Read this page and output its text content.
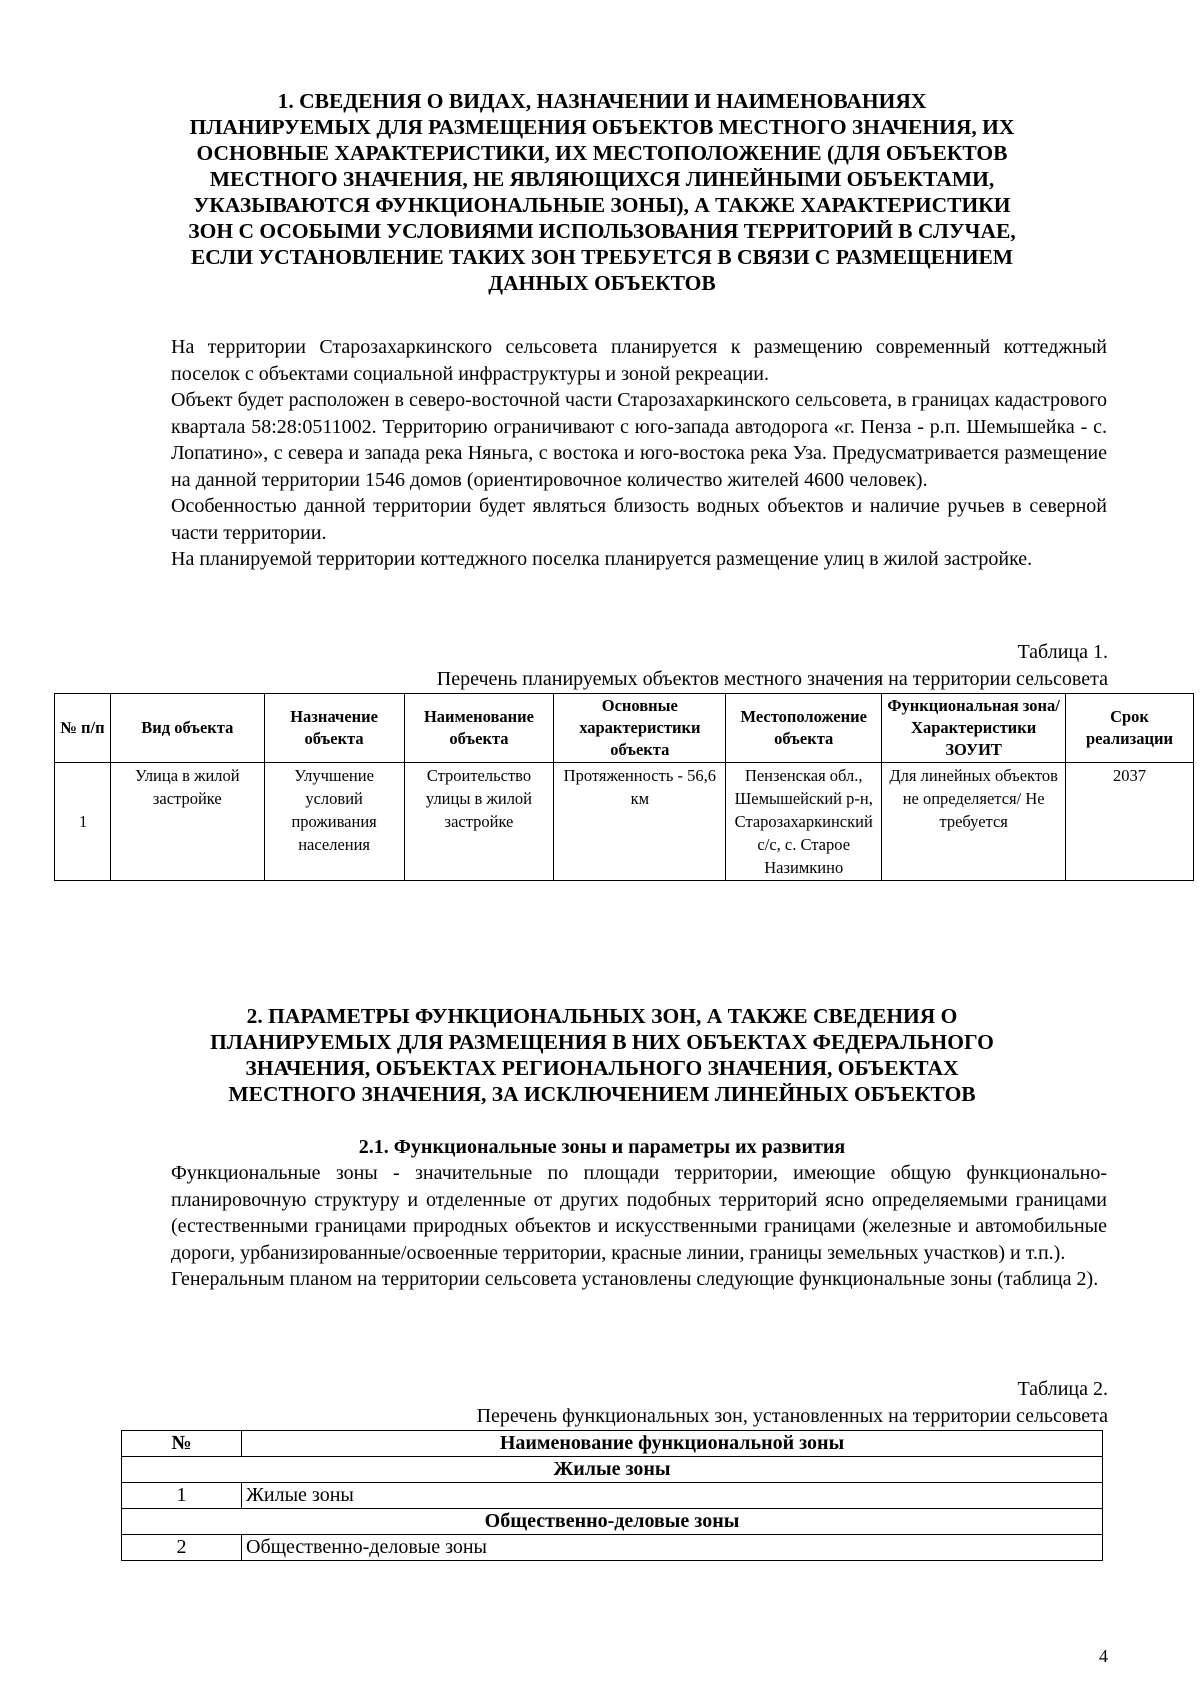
1. СВЕДЕНИЯ О ВИДАХ, НАЗНАЧЕНИИ И НАИМЕНОВАНИЯХ
ПЛАНИРУЕМЫХ ДЛЯ РАЗМЕЩЕНИЯ ОБЪЕКТОВ МЕСТНОГО ЗНАЧЕНИЯ, ИХ
ОСНОВНЫЕ ХАРАКТЕРИСТИКИ, ИХ МЕСТОПОЛОЖЕНИЕ (ДЛЯ ОБЪЕКТОВ
МЕСТНОГО ЗНАЧЕНИЯ, НЕ ЯВЛЯЮЩИХСЯ ЛИНЕЙНЫМИ ОБЪЕКТАМИ,
УКАЗЫВАЮТСЯ ФУНКЦИОНАЛЬНЫЕ ЗОНЫ), А ТАКЖЕ ХАРАКТЕРИСТИКИ
ЗОН С ОСОБЫМИ УСЛОВИЯМИ ИСПОЛЬЗОВАНИЯ ТЕРРИТОРИЙ В СЛУЧАЕ,
ЕСЛИ УСТАНОВЛЕНИЕ ТАКИХ ЗОН ТРЕБУЕТСЯ В СВЯЗИ С РАЗМЕЩЕНИЕМ
ДАННЫХ ОБЪЕКТОВ

На территории Старозахаркинского сельсовета планируется к размещению современный коттеджный поселок с объектами социальной инфраструктуры и зоной рекреации.

Объект будет расположен в северо-восточной части Старозахаркинского сельсовета, в границах кадастрового квартала 58:28:0511002. Территорию ограничивают с юго-запада автодорога «г. Пенза - р.п. Шемышейка - с. Лопатино», с севера и запада река Няньга, с востока и юго-востока река Уза. Предусматривается размещение на данной территории 1546 домов (ориентировочное количество жителей 4600 человек).

Особенностью данной территории будет являться близость водных объектов и наличие ручьев в северной части территории.

На планируемой территории коттеджного поселка планируется размещение улиц в жилой застройке.

Таблица 1.
Перечень планируемых объектов местного значения на территории сельсовета
№ п/п	Вид объекта	Назначение объекта	Наименование объекта	Основные характеристики объекта	Местоположение объекта	Функциональная зона/Характеристики ЗОУИТ	Срок реализации
1	Улица в жилой застройке	Улучшение условий проживания населения	Строительство улицы в жилой застройке	Протяженность - 56,6 км	Пензенская обл., Шемышейский р-н, Старозахаркинский с/с, с. Старое Назимкино	Для линейных объектов не определяется/ Не требуется	2037
2. ПАРАМЕТРЫ ФУНКЦИОНАЛЬНЫХ ЗОН, А ТАКЖЕ СВЕДЕНИЯ О
ПЛАНИРУЕМЫХ ДЛЯ РАЗМЕЩЕНИЯ В НИХ ОБЪЕКТАХ ФЕДЕРАЛЬНОГО
ЗНАЧЕНИЯ, ОБЪЕКТАХ РЕГИОНАЛЬНОГО ЗНАЧЕНИЯ, ОБЪЕКТАХ
МЕСТНОГО ЗНАЧЕНИЯ, ЗА ИСКЛЮЧЕНИЕМ ЛИНЕЙНЫХ ОБЪЕКТОВ
2.1. Функциональные зоны и параметры их развития

Функциональные зоны - значительные по площади территории, имеющие общую функционально-планировочную структуру и отделенные от других подобных территорий ясно определяемыми границами (естественными границами природных объектов и искусственными границами (железные и автомобильные дороги, урбанизированные/освоенные территории, красные линии, границы земельных участков) и т.п.).

Генеральным планом на территории сельсовета установлены следующие функциональные зоны (таблица 2).

Таблица 2.
Перечень функциональных зон, установленных на территории сельсовета
№	Наименование функциональной зоны
Жилые зоны	
1	Жилые зоны
Общественно-деловые зоны	
2	Общественно-деловые зоны
4
